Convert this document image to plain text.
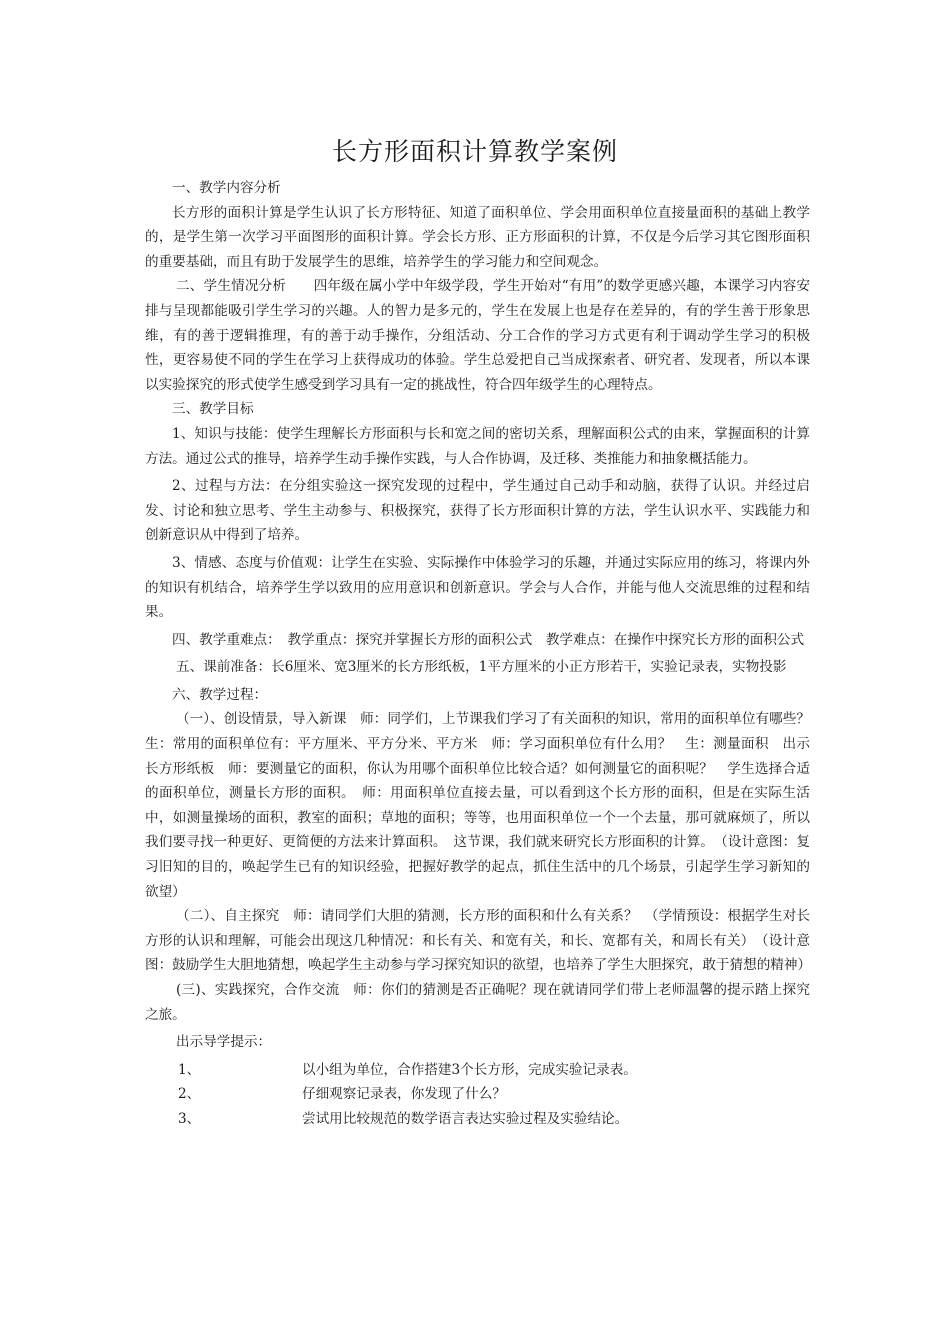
长方形面积计算教学案例

一、教学内容分析

长方形的面积计算是学生认识了长方形特征、知道了面积单位、学会用面积单位直接量面积的基础上教学的，是学生第一次学习平面图形的面积计算。学会长方形、正方形面积的计算，不仅是今后学习其它图形面积的重要基础，而且有助于发展学生的思维，培养学生的学习能力和空间观念。

二、学生情况分析　　四年级在属小学中年级学段，学生开始对“有用”的数学更感兴趣，本课学习内容安排与呈现都能吸引学生学习的兴趣。人的智力是多元的，学生在发展上也是存在差异的，有的学生善于形象思维，有的善于逻辑推理，有的善于动手操作，分组活动、分工合作的学习方式更有利于调动学生学习的积极性，更容易使不同的学生在学习上获得成功的体验。学生总爱把自己当成探索者、研究者、发现者，所以本课以实验探究的形式使学生感受到学习具有一定的挑战性，符合四年级学生的心理特点。

三、教学目标

1、知识与技能：使学生理解长方形面积与长和宽之间的密切关系，理解面积公式的由来，掌握面积的计算方法。通过公式的推导，培养学生动手操作实践，与人合作协调，及迁移、类推能力和抽象概括能力。

2、过程与方法：在分组实验这一探究发现的过程中，学生通过自己动手和动脑，获得了认识。并经过启发、讨论和独立思考、学生主动参与、积极探究，获得了长方形面积计算的方法，学生认识水平、实践能力和创新意识从中得到了培养。

3、情感、态度与价值观：让学生在实验、实际操作中体验学习的乐趣，并通过实际应用的练习，将课内外的知识有机结合，培养学生学以致用的应用意识和创新意识。学会与人合作，并能与他人交流思维的过程和结果。

四、教学重难点：　教学重点：探究并掌握长方形的面积公式　教学难点：在操作中探究长方形的面积公式

五、课前准备：长6厘米、宽3厘米的长方形纸板，1平方厘米的小正方形若干，实验记录表，实物投影

六、教学过程：

（一）、创设情景，导入新课　师：同学们，上节课我们学习了有关面积的知识，常用的面积单位有哪些？　生：常用的面积单位有：平方厘米、平方分米、平方米　师：学习面积单位有什么用？　生：测量面积　出示长方形纸板　师：要测量它的面积，你认为用哪个面积单位比较合适？如何测量它的面积呢？　学生选择合适的面积单位，测量长方形的面积。　师：用面积单位直接去量，可以看到这个长方形的面积，但是在实际生活中，如测量操场的面积，教室的面积；草地的面积；等等，也用面积单位一个一个去量，那可就麻烦了，所以我们要寻找一种更好、更简便的方法来计算面积。　这节课，我们就来研究长方形面积的计算。　（设计意图：复习旧知的目的，唤起学生已有的知识经验，把握好教学的起点，抓住生活中的几个场景，引起学生学习新知的欲望）

（二）、自主探究　师：请同学们大胆的猜测，长方形的面积和什么有关系？　（学情预设：根据学生对长方形的认识和理解，可能会出现这几种情况：和长有关、和宽有关，和长、宽都有关，和周长有关）　（设计意图：鼓励学生大胆地猜想，唤起学生主动参与学习探究知识的欲望，也培养了学生大胆探究，敢于猜想的精神）

(三)、实践探究，合作交流　师：你们的猜测是否正确呢？现在就请同学们带上老师温馨的提示踏上探究之旅。

出示导学提示：

1、	以小组为单位，合作搭建3个长方形，完成实验记录表。
2、	仔细观察记录表，你发现了什么？
3、	尝试用比较规范的数学语言表达实验过程及实验结论。
